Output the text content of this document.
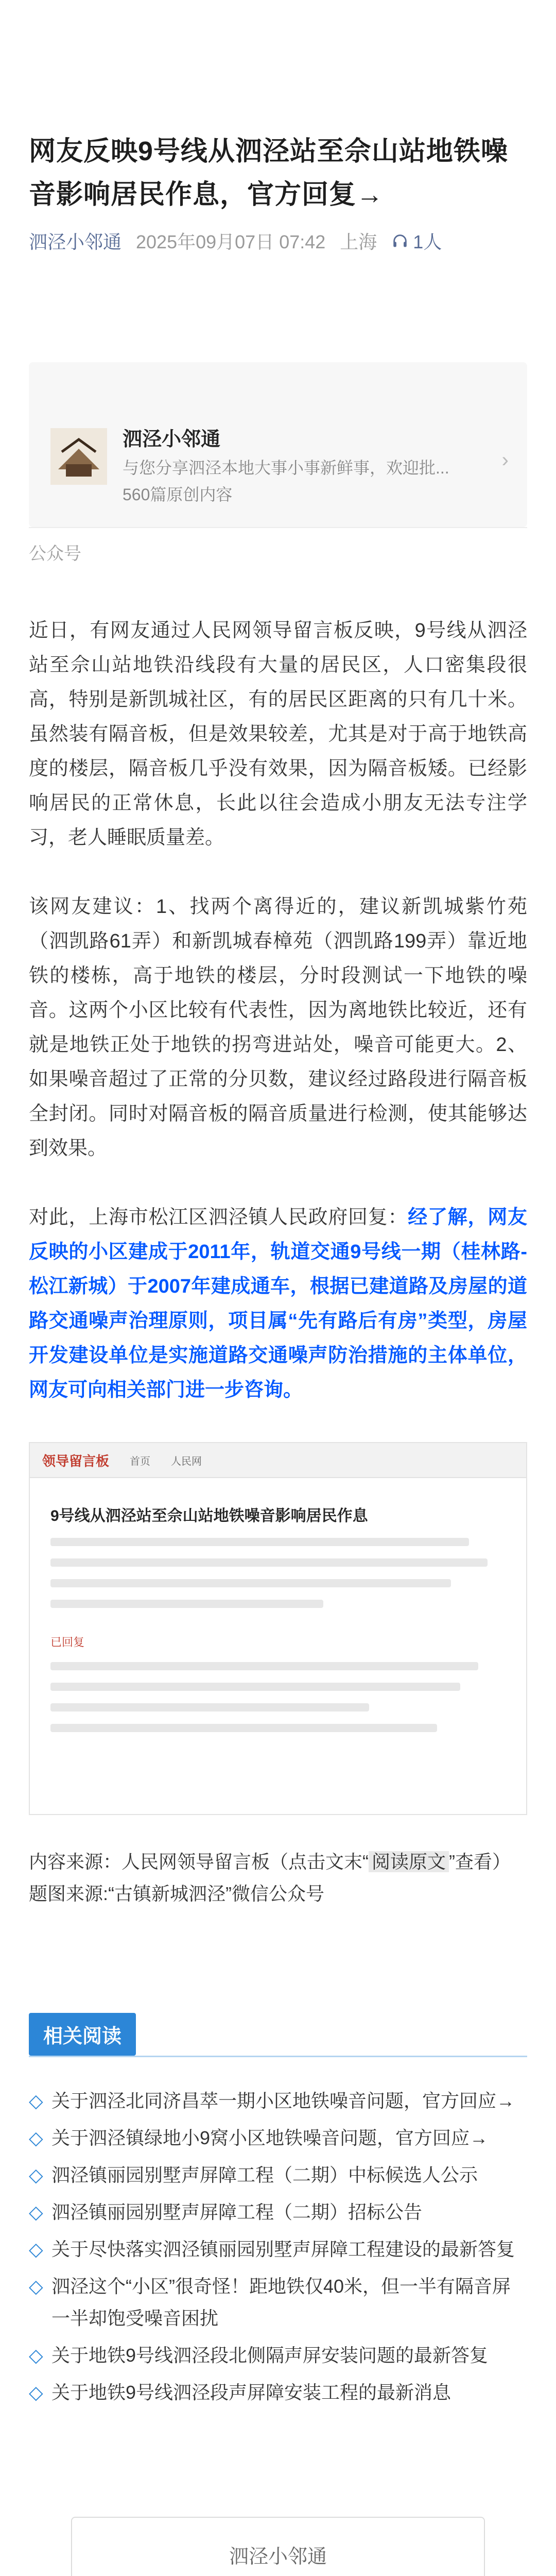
网友反映9号线从泗泾站至佘山站地铁噪音影响居民作息，官方回复→
泗泾小邻通 2025年09月07日 07:42 上海 1人
泗泾小邻通
与您分享泗泾本地大事小事新鲜事，欢迎批...
560篇原创内容
›
公众号

近日，有网友通过人民网领导留言板反映，9号线从泗泾站至佘山站地铁沿线段有大量的居民区，人口密集段很高，特别是新凯城社区，有的居民区距离的只有几十米。虽然装有隔音板，但是效果较差，尤其是对于高于地铁高度的楼层，隔音板几乎没有效果，因为隔音板矮。已经影响居民的正常休息，长此以往会造成小朋友无法专注学习，老人睡眠质量差。

该网友建议：1、找两个离得近的，建议新凯城紫竹苑（泗凯路61弄）和新凯城春樟苑（泗凯路199弄）靠近地铁的楼栋，高于地铁的楼层，分时段测试一下地铁的噪音。这两个小区比较有代表性，因为离地铁比较近，还有就是地铁正处于地铁的拐弯进站处，噪音可能更大。2、如果噪音超过了正常的分贝数，建议经过路段进行隔音板全封闭。同时对隔音板的隔音质量进行检测，使其能够达到效果。

对此，上海市松江区泗泾镇人民政府回复：经了解，网友反映的小区建成于2011年，轨道交通9号线一期（桂林路-松江新城）于2007年建成通车，根据已建道路及房屋的道路交通噪声治理原则，项目属“先有路后有房”类型，房屋开发建设单位是实施道路交通噪声防治措施的主体单位，网友可向相关部门进一步咨询。

领导留言板 首页 人民网
9号线从泗泾站至佘山站地铁噪音影响居民作息
已回复
内容来源：人民网领导留言板（点击文末“ 阅读原文 ”查看）
题图来源:“古镇新城泗泾”微信公众号
相关阅读
◇ 关于泗泾北同济昌萃一期小区地铁噪音问题，官方回应→
◇ 关于泗泾镇绿地小9窝小区地铁噪音问题，官方回应→
◇ 泗泾镇丽园别墅声屏障工程（二期）中标候选人公示
◇ 泗泾镇丽园别墅声屏障工程（二期）招标公告
◇ 关于尽快落实泗泾镇丽园别墅声屏障工程建设的最新答复
◇ 泗泾这个“小区”很奇怪！距地铁仅40米，但一半有隔音屏一半却饱受噪音困扰
◇ 关于地铁9号线泗泾段北侧隔声屏安装问题的最新答复
◇ 关于地铁9号线泗泾段声屏障安装工程的最新消息
泗泾小邻通
